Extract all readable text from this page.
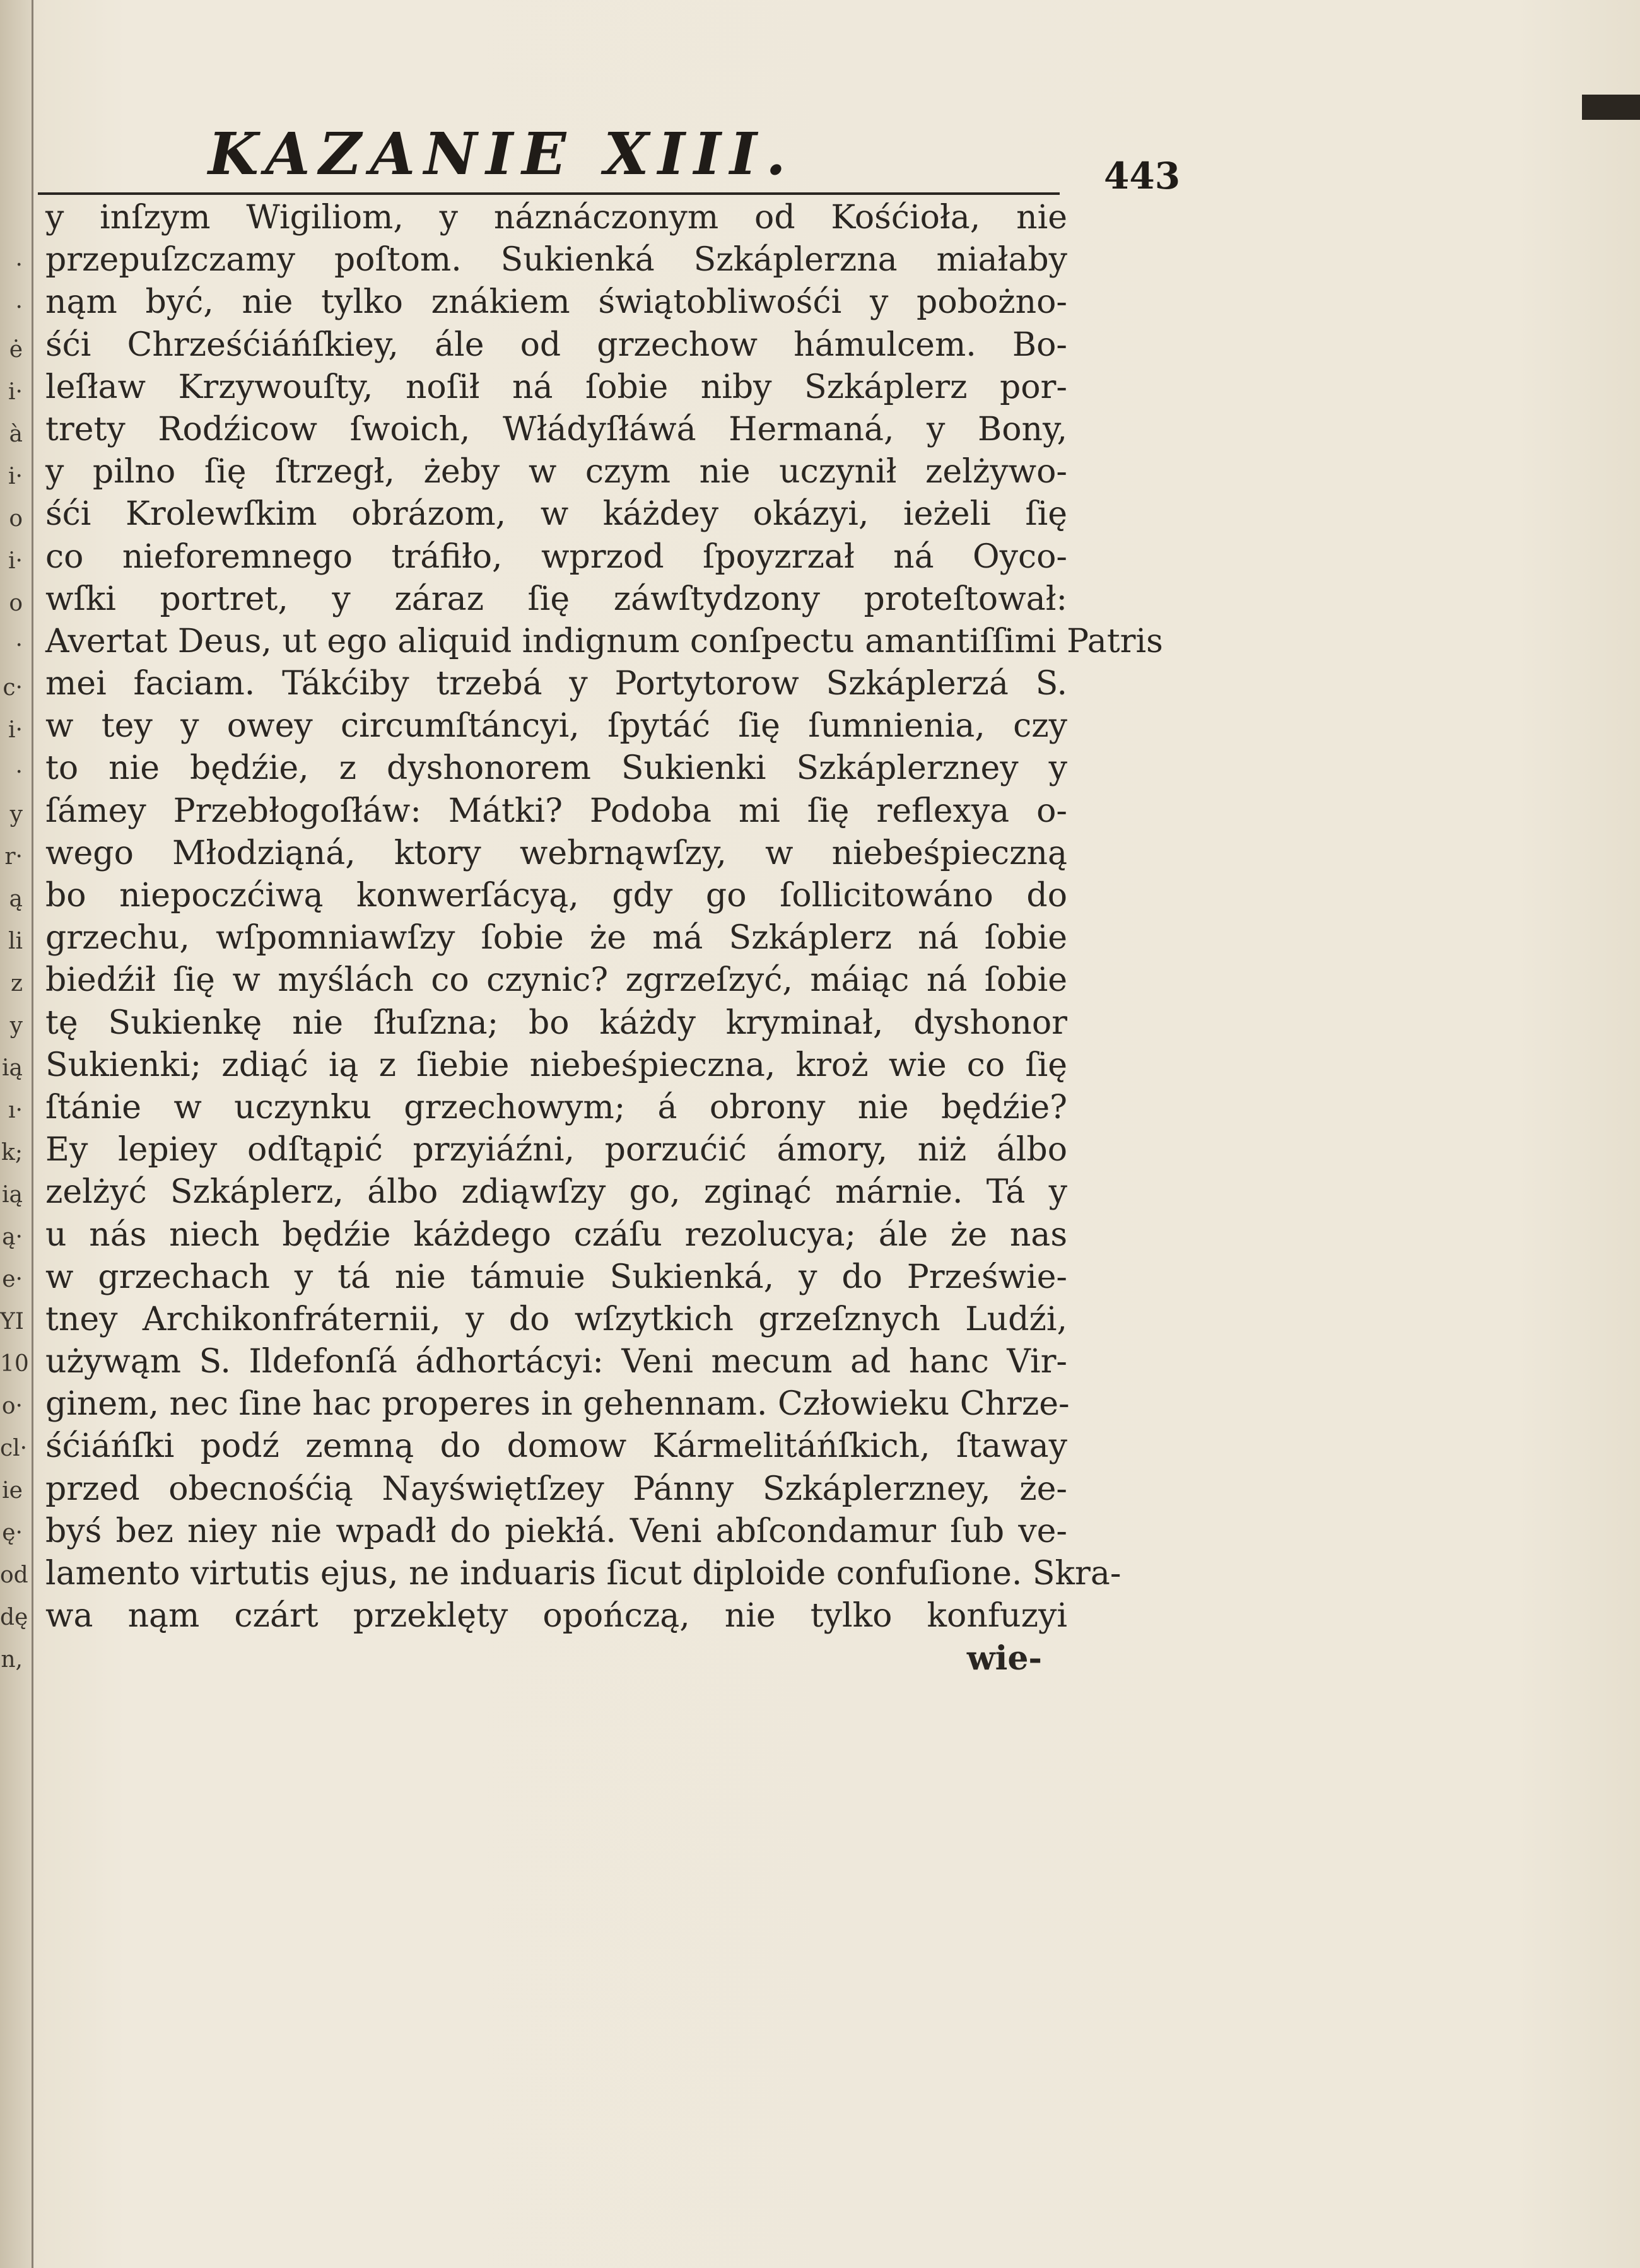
·
·
ė
i·
à
i·
o
i·
o
·
c·
i·
·
y
r·
ą
li
z
y
ią
ı·
k;
ią
ą·
e·
YI
10
o·
cl·
ie
ę·
od
dę
n,
KAZANIE XIII.	443
y inſzym Wigiliom, y náznáczonym od Kośćioła, nie
przepuſzczamy poſtom. Sukienká Szkáplerzna miałaby
nąm być, nie tylko znákiem świątobliwośći y pobożno-
śći Chrześćiáńſkiey, ále od grzechow hámulcem. Bo-
leſław Krzywouſty, noſił ná ſobie niby Szkáplerz por-
trety Rodźicow ſwoich, Włádyſłáwá Hermaná, y Bony,
y pilno ſię ſtrzegł, żeby w czym nie uczynił zelżywo-
śći Krolewſkim obrázom, w káżdey okázyi, ieżeli ſię
co nieforemnego tráfiło, wprzod ſpoyzrzał ná Oyco-
wſki portret, y záraz ſię záwſtydzony proteſtował:
Avertat Deus, ut ego aliquid indignum conſpectu amantiſſimi Patris
mei faciam. Tákćiby trzebá y Portytorow Szkáplerzá S.
w tey y owey circumſtáncyi, ſpytáć ſię ſumnienia, czy
to nie będźie, z dyshonorem Sukienki Szkáplerzney y
ſámey Przebłogoſłáw: Mátki? Podoba mi ſię reflexya o-
wego Młodziąná, ktory webrnąwſzy, w niebeśpieczną
bo niepoczćiwą konwerſácyą, gdy go ſollicitowáno do
grzechu, wſpomniawſzy ſobie że má Szkáplerz ná ſobie
biedźił ſię w myślách co czynic? zgrzeſzyć, máiąc ná ſobie
tę Sukienkę nie ſłuſzna; bo káżdy kryminał, dyshonor
Sukienki; zdiąć ią z ſiebie niebeśpieczna, kroż wie co ſię
ſtánie w uczynku grzechowym; á obrony nie będźie?
Ey lepiey odſtąpić przyiáźni, porzućić ámory, niż álbo
zelżyć Szkáplerz, álbo zdiąwſzy go, zginąć márnie. Tá y
u nás niech będźie káżdego czáſu rezolucya; ále że nas
w grzechach y tá nie támuie Sukienká, y do Prześwie-
tney Archikonfráternii, y do wſzytkich grzeſznych Ludźi,
używąm S. Ildefonſá ádhortácyi: Veni mecum ad hanc Vir-
ginem, nec ſine hac properes in gehennam. Człowieku Chrze-
śćiáńſki podź zemną do domow Kármelitáńſkich, ſtaway
przed obecnośćią Nayświętſzey Pánny Szkáplerzney, że-
byś bez niey nie wpadł do piekłá. Veni abſcondamur ſub ve-
lamento virtutis ejus, ne induaris ſicut diploide confuſione. Skra-
wa nąm czárt przeklęty opończą, nie tylko konfuzyi
wie-
